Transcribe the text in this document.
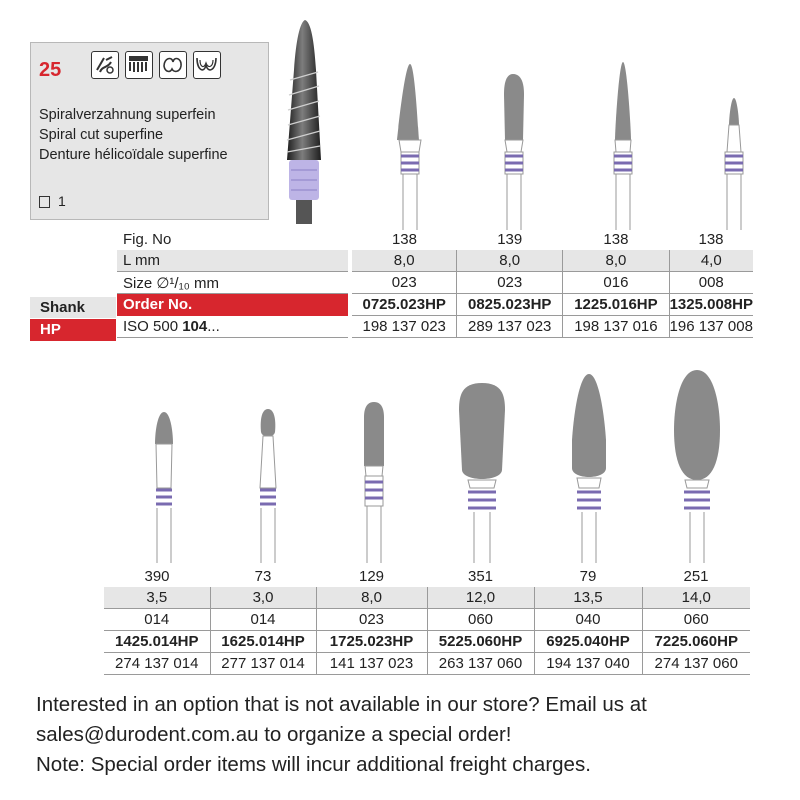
25
Spiralverzahnung superfein
Spiral cut superfine
Denture hélicoïdale superfine
1
Fig. No		138	139	138	138
L mm		8,0	8,0	8,0	4,0
Size ∅¹/₁₀ mm		023	023	016	008
Order No.		0725.023HP	0825.023HP	1225.016HP	1325.008HP
ISO 500 104...		198 137 023	289 137 023	198 137 016	196 137 008
Shank
HP
390	73	129	351	79	251
3,5	3,0	8,0	12,0	13,5	14,0
014	014	023	060	040	060
1425.014HP	1625.014HP	1725.023HP	5225.060HP	6925.040HP	7225.060HP
274 137 014	277 137 014	141 137 023	263 137 060	194 137 040	274 137 060
Interested in an option that is not available in our store? Email us at
sales@durodent.com.au to organize a special order!
Note: Special order items will incur additional freight charges.
